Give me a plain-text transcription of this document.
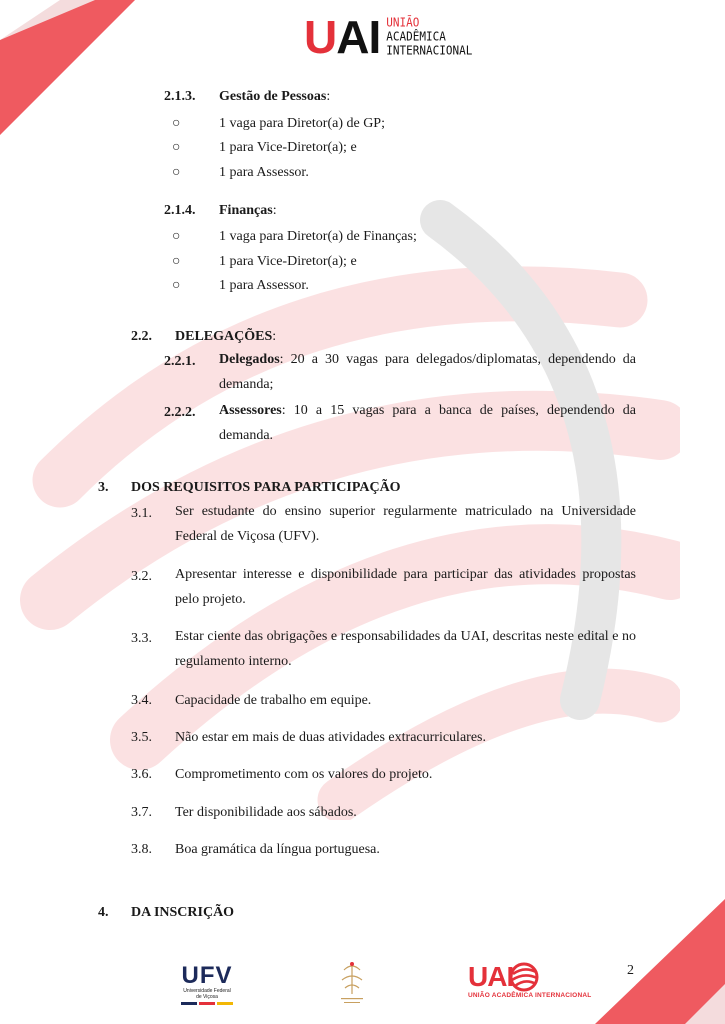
UAI UNIÃO
ACADÊMICA
INTERNACIONAL
2.1.3. Gestão de Pessoas:
○	1 vaga para Diretor(a) de GP;
○	1 para Vice-Diretor(a); e
○	1 para Assessor.
2.1.4. Finanças:
○	1 vaga para Diretor(a) de Finanças;
○	1 para Vice-Diretor(a); e
○	1 para Assessor.
2.2. DELEGAÇÕES:
2.2.1. Delegados: 20 a 30 vagas para delegados/diplomatas, dependendo da demanda;
2.2.2. Assessores: 10 a 15 vagas para a banca de países, dependendo da demanda.
3. DOS REQUISITOS PARA PARTICIPAÇÃO
3.1. Ser estudante do ensino superior regularmente matriculado na Universidade Federal de Viçosa (UFV).
3.2. Apresentar interesse e disponibilidade para participar das atividades propostas pelo projeto.
3.3. Estar ciente das obrigações e responsabilidades da UAI, descritas neste edital e no regulamento interno.
3.4. Capacidade de trabalho em equipe.
3.5. Não estar em mais de duas atividades extracurriculares.
3.6. Comprometimento com os valores do projeto.
3.7. Ter disponibilidade aos sábados.
3.8. Boa gramática da língua portuguesa.
4. DA INSCRIÇÃO
UFV
Universidade Federal
de Viçosa
UAI
UNIÃO ACADÊMICA INTERNACIONAL
2
